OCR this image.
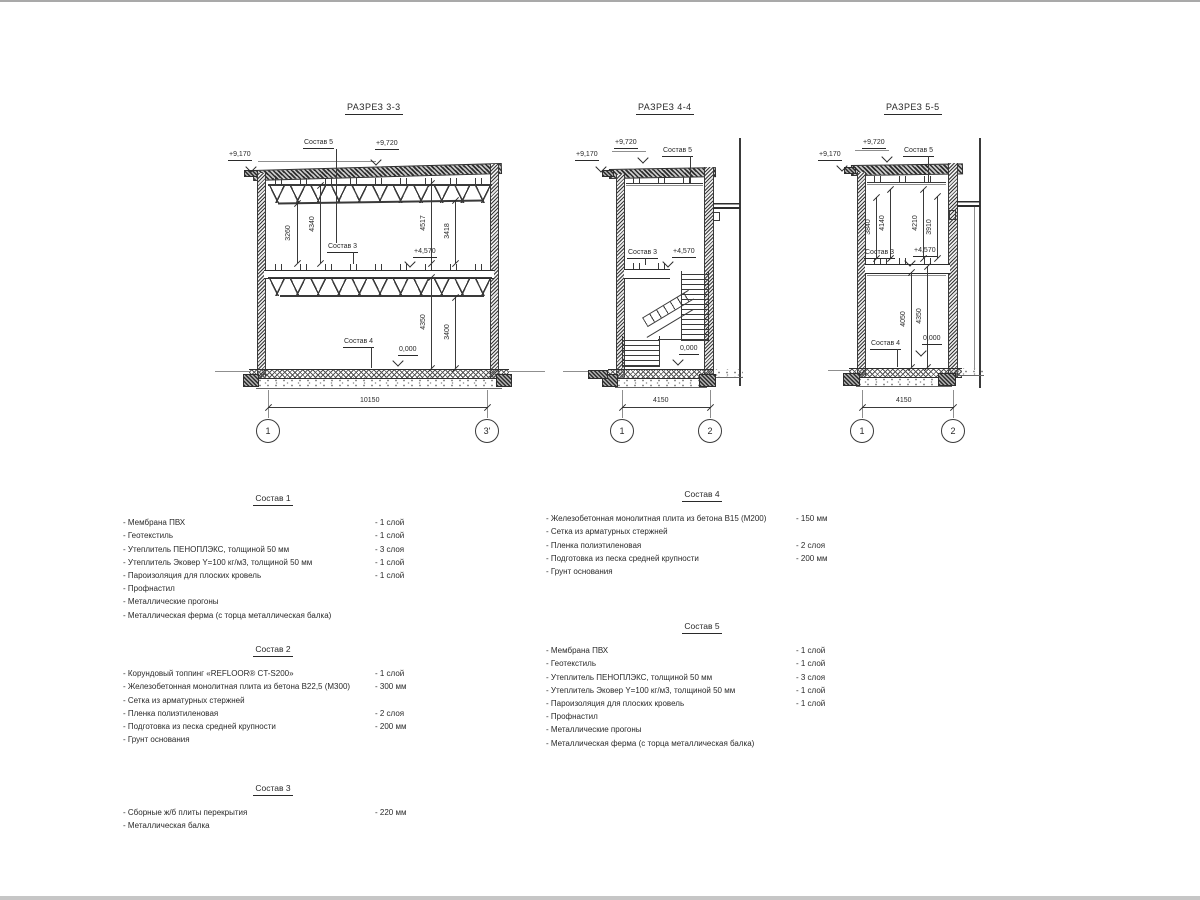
РАЗРЕЗ 3-3
3260
4340	4517
3418
4350
3400
Состав 5	+9,720
+9,170
Состав 3
+4,570
Состав 4
0,000
10150
1	3'
РАЗРЕЗ 4-4
+9,720
+9,170
Состав 5
Состав 3 +4,570
0,000
4150
1	2
РАЗРЕЗ 5-5
3840 4140	4210 3910
4050 4350
+9,720
+9,170
Состав 5
Состав 3	+4,570
Состав 4
0,000
4150
1	2
Состав 1
- Мембрана ПВХ	- 1 слой
- Геотекстиль	- 1 слой
- Утеплитель ПЕНОПЛЭКС, толщиной 50 мм	- 3 слоя
- Утеплитель Эковер Y=100 кг/м3, толщиной 50 мм	- 1 слой
- Пароизоляция для плоских кровель	- 1 слой
- Профнастил
- Металлические прогоны
- Металлическая ферма (с торца металлическая балка)
Состав 2
- Корундовый топпинг «REFLOOR® CT-S200»	- 1 слой
- Железобетонная монолитная плита из бетона В22,5 (М300)	- 300 мм
- Сетка из арматурных стержней
- Пленка полиэтиленовая	- 2 слоя
- Подготовка из песка средней крупности	- 200 мм
- Грунт основания
Состав 3
- Сборные ж/б плиты перекрытия	- 220 мм
- Металлическая балка
Состав 4
- Железобетонная монолитная плита из бетона В15 (М200)	- 150 мм
- Сетка из арматурных стержней
- Пленка полиэтиленовая	- 2 слоя
- Подготовка из песка средней крупности	- 200 мм
- Грунт основания
Состав 5
- Мембрана ПВХ	- 1 слой
- Геотекстиль	- 1 слой
- Утеплитель ПЕНОПЛЭКС, толщиной 50 мм	- 3 слоя
- Утеплитель Эковер Y=100 кг/м3, толщиной 50 мм	- 1 слой
- Пароизоляция для плоских кровель	- 1 слой
- Профнастил
- Металлические прогоны
- Металлическая ферма (с торца металлическая балка)
